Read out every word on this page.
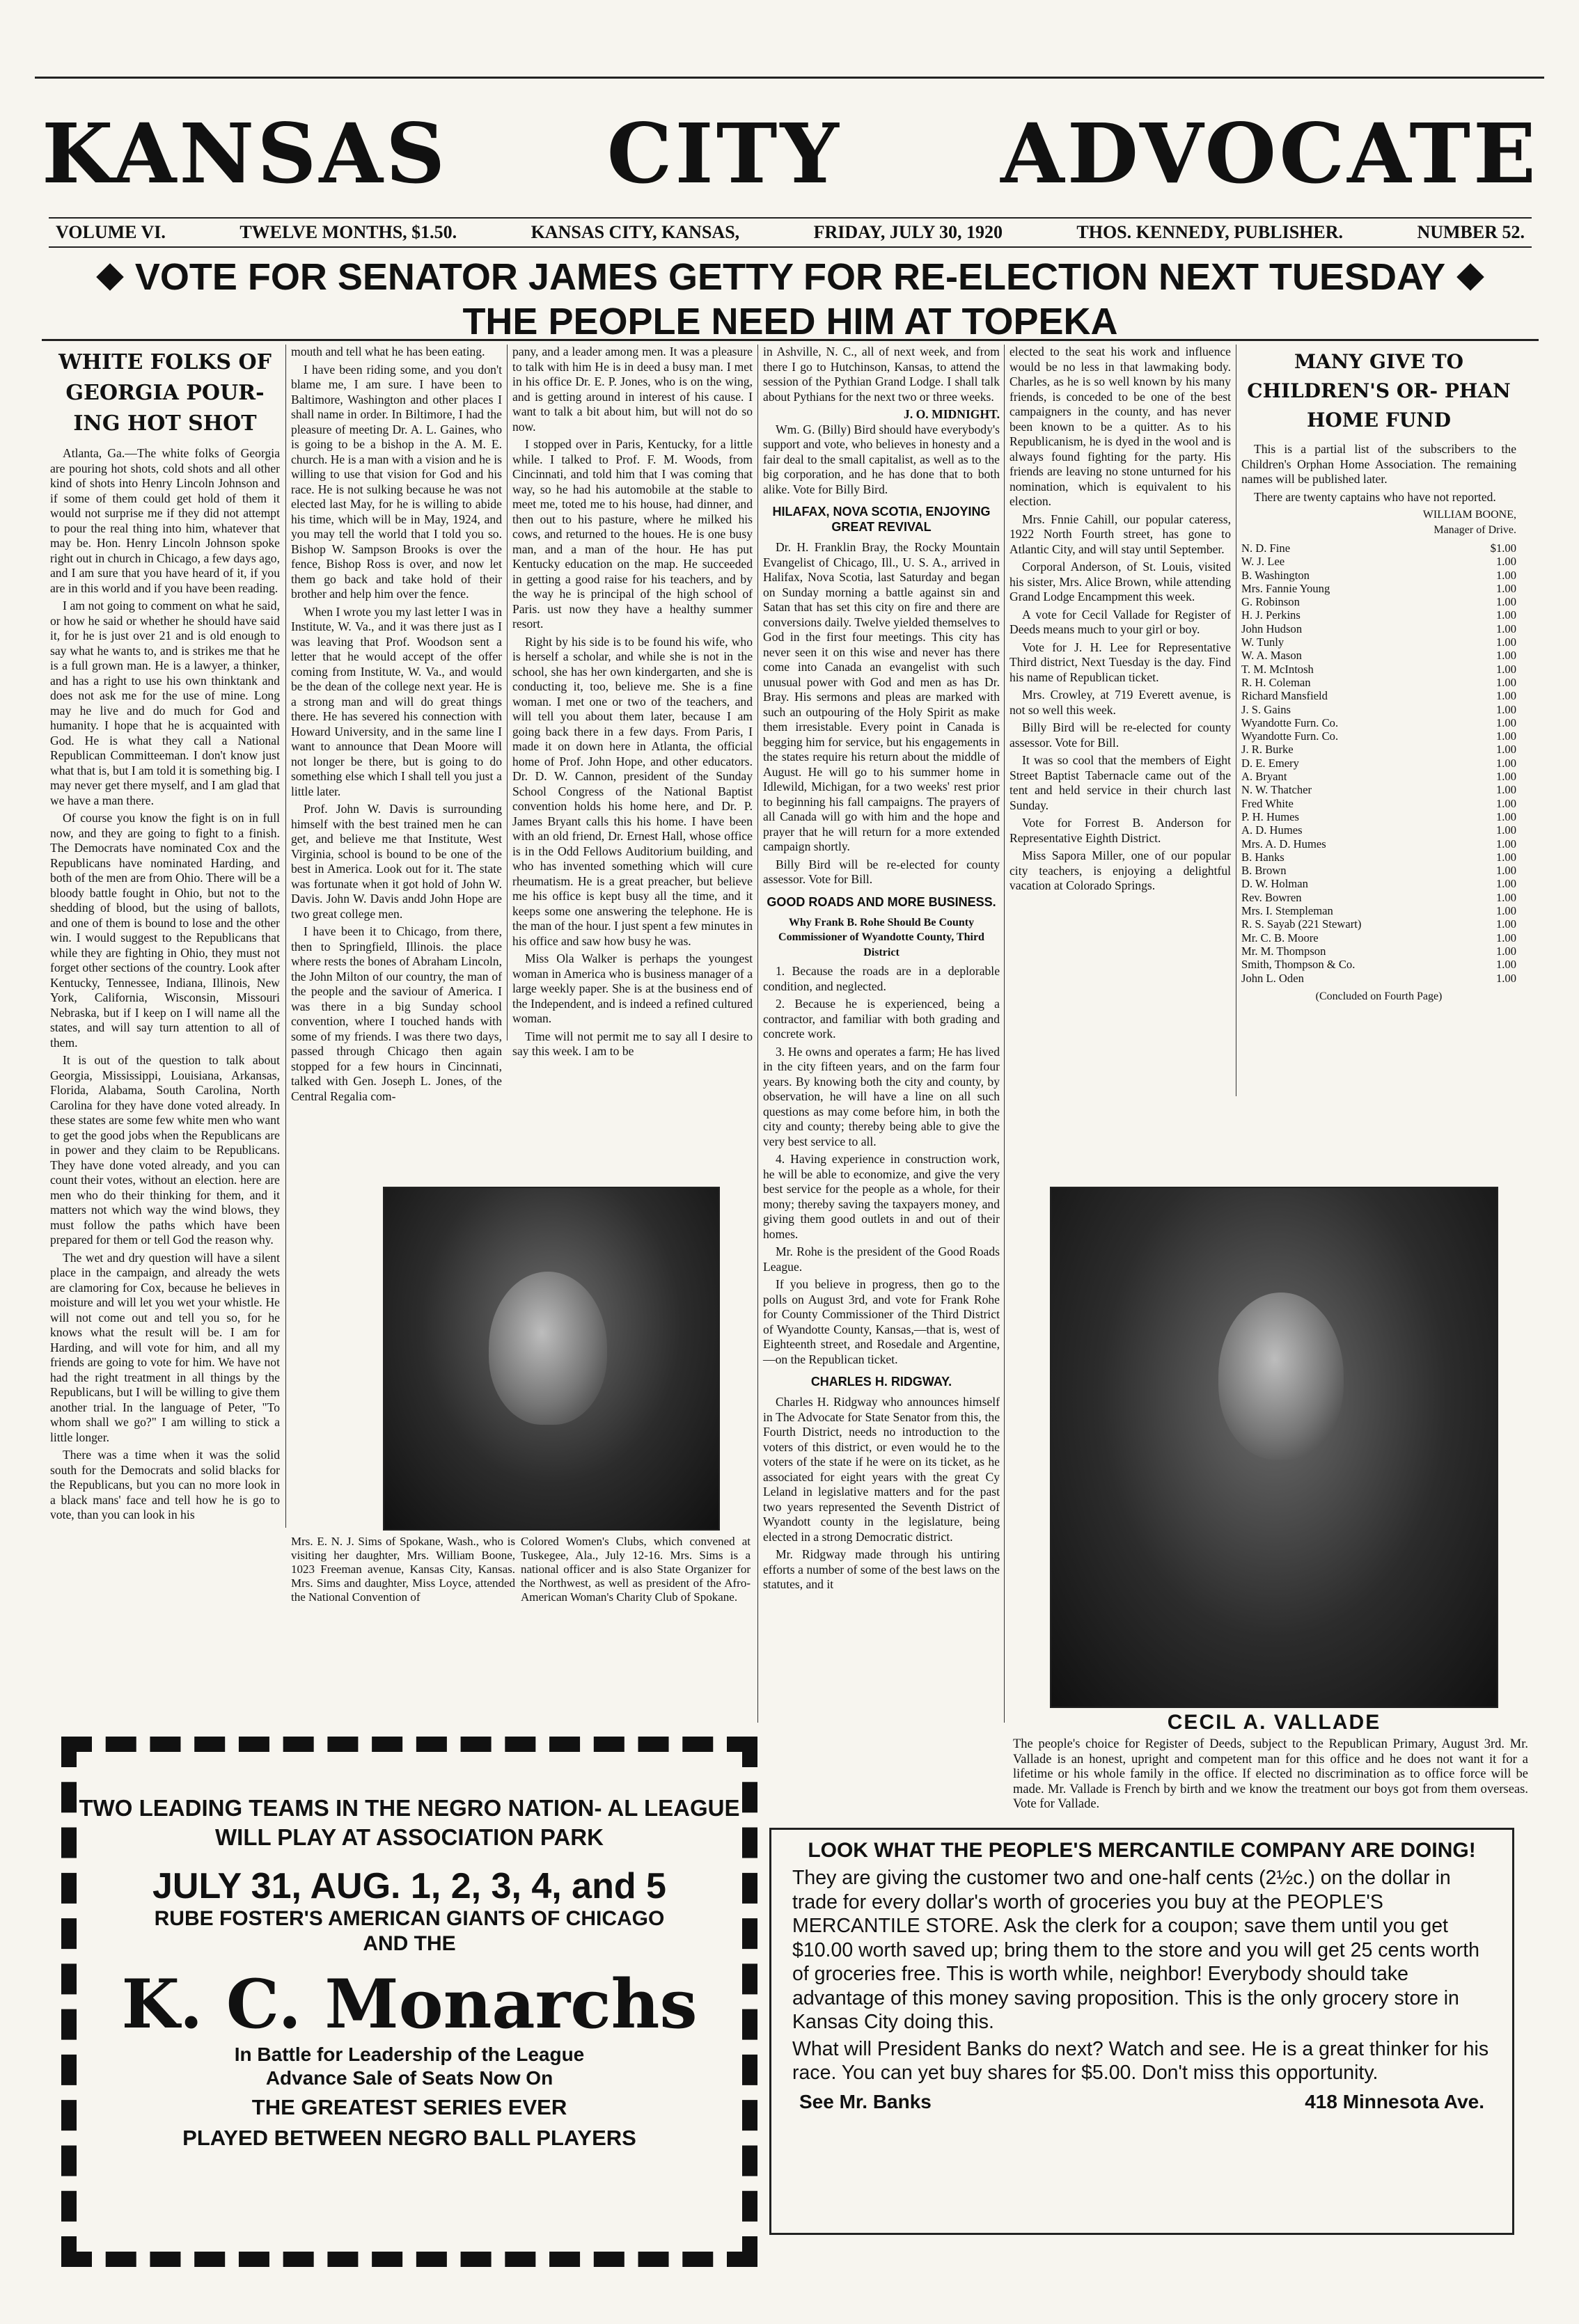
KANSAS CITY ADVOCATE
VOLUME VI.	TWELVE MONTHS, $1.50.	KANSAS CITY, KANSAS,	FRIDAY, JULY 30, 1920	THOS. KENNEDY, PUBLISHER.	NUMBER 52.
VOTE FOR SENATOR JAMES GETTY FOR RE-ELECTION NEXT TUESDAY
THE PEOPLE NEED HIM AT TOPEKA
WHITE FOLKS OF GEORGIA POUR- ING HOT SHOT

Atlanta, Ga.—The white folks of Georgia are pouring hot shots, cold shots and all other kind of shots into Henry Lincoln Johnson and if some of them could get hold of them it would not surprise me if they did not attempt to pour the real thing into him, whatever that may be. Hon. Henry Lincoln Johnson spoke right out in church in Chicago, a few days ago, and I am sure that you have heard of it, if you are in this world and if you have been reading.

I am not going to comment on what he said, or how he said or whether he should have said it, for he is just over 21 and is old enough to say what he wants to, and is strikes me that he is a full grown man. He is a lawyer, a thinker, and has a right to use his own thinktank and does not ask me for the use of mine. Long may he live and do much for God and humanity. I hope that he is acquainted with God. He is what they call a National Republican Committeeman. I don't know just what that is, but I am told it is something big. I may never get there myself, and I am glad that we have a man there.

Of course you know the fight is on in full now, and they are going to fight to a finish. The Democrats have nominated Cox and the Republicans have nominated Harding, and both of the men are from Ohio. There will be a bloody battle fought in Ohio, but not to the shedding of blood, but the using of ballots, and one of them is bound to lose and the other win. I would suggest to the Republicans that while they are fighting in Ohio, they must not forget other sections of the country. Look after Kentucky, Tennessee, Indiana, Illinois, New York, California, Wisconsin, Missouri Nebraska, but if I keep on I will name all the states, and will say turn attention to all of them.

It is out of the question to talk about Georgia, Mississippi, Louisiana, Arkansas, Florida, Alabama, South Carolina, North Carolina for they have done voted already. In these states are some few white men who want to get the good jobs when the Republicans are in power and they claim to be Republicans. They have done voted already, and you can count their votes, without an election. here are men who do their thinking for them, and it matters not which way the wind blows, they must follow the paths which have been prepared for them or tell God the reason why.

The wet and dry question will have a silent place in the campaign, and already the wets are clamoring for Cox, because he believes in moisture and will let you wet your whistle. He will not come out and tell you so, for he knows what the result will be. I am for Harding, and will vote for him, and all my friends are going to vote for him. We have not had the right treatment in all things by the Republicans, but I will be willing to give them another trial. In the language of Peter, "To whom shall we go?" I am willing to stick a little longer.

There was a time when it was the solid south for the Democrats and solid blacks for the Republicans, but you can no more look in a black mans' face and tell how he is go to vote, than you can look in his

mouth and tell what he has been eating.

I have been riding some, and you don't blame me, I am sure. I have been to Baltimore, Washington and other places I shall name in order. In Biltimore, I had the pleasure of meeting Dr. A. L. Gaines, who is going to be a bishop in the A. M. E. church. He is a man with a vision and he is willing to use that vision for God and his race. He is not sulking because he was not elected last May, for he is willing to abide his time, which will be in May, 1924, and you may tell the world that I told you so. Bishop W. Sampson Brooks is over the fence, Bishop Ross is over, and now let them go back and take hold of their brother and help him over the fence.

When I wrote you my last letter I was in Institute, W. Va., and it was there just as I was leaving that Prof. Woodson sent a letter that he would accept of the offer coming from Institute, W. Va., and would be the dean of the college next year. He is a strong man and will do great things there. He has severed his connection with Howard University, and in the same line I want to announce that Dean Moore will not longer be there, but is going to do something else which I shall tell you just a little later.

Prof. John W. Davis is surrounding himself with the best trained men he can get, and believe me that Institute, West Virginia, school is bound to be one of the best in America. Look out for it. The state was fortunate when it got hold of John W. Davis. John W. Davis andd John Hope are two great college men.

I have been it to Chicago, from there, then to Springfield, Illinois. the place where rests the bones of Abraham Lincoln, the John Milton of our country, the man of the people and the saviour of America. I was there in a big Sunday school convention, where I touched hands with some of my friends. I was there two days, passed through Chicago then again stopped for a few hours in Cincinnati, talked with Gen. Joseph L. Jones, of the Central Regalia com-

pany, and a leader among men. It was a pleasure to talk with him He is in deed a busy man. I met in his office Dr. E. P. Jones, who is on the wing, and is getting around in interest of his cause. I want to talk a bit about him, but will not do so now.

I stopped over in Paris, Kentucky, for a little while. I talked to Prof. F. M. Woods, from Cincinnati, and told him that I was coming that way, so he had his automobile at the stable to meet me, toted me to his house, had dinner, and then out to his pasture, where he milked his cows, and returned to the houes. He is one busy man, and a man of the hour. He has put Kentucky education on the map. He succeeded in getting a good raise for his teachers, and by the way he is principal of the high school of Paris. ust now they have a healthy summer resort.

Right by his side is to be found his wife, who is herself a scholar, and while she is not in the school, she has her own kindergarten, and she is conducting it, too, believe me. She is a fine woman. I met one or two of the teachers, and will tell you about them later, because I am going back there in a few days. From Paris, I made it on down here in Atlanta, the official home of Prof. John Hope, and other educators. Dr. D. W. Cannon, president of the Sunday School Congress of the National Baptist convention holds his home here, and Dr. P. James Bryant calls this his home. I have been with an old friend, Dr. Ernest Hall, whose office is in the Odd Fellows Auditorium building, and who has invented something which will cure rheumatism. He is a great preacher, but believe me his office is kept busy all the time, and it keeps some one answering the telephone. He is the man of the hour. I just spent a few minutes in his office and saw how busy he was.

Miss Ola Walker is perhaps the youngest woman in America who is business manager of a large weekly paper. She is at the business end of the Independent, and is indeed a refined cultured woman.

Time will not permit me to say all I desire to say this week. I am to be

Mrs. E. N. J. Sims of Spokane, Wash., who is visiting her daughter, Mrs. William Boone, 1023 Freeman avenue, Kansas City, Kansas. Mrs. Sims and daughter, Miss Loyce, attended the National Convention of
Colored Women's Clubs, which convened at Tuskegee, Ala., July 12-16. Mrs. Sims is a national officer and is also State Organizer for the Northwest, as well as president of the Afro-American Woman's Charity Club of Spokane.

in Ashville, N. C., all of next week, and from there I go to Hutchinson, Kansas, to attend the session of the Pythian Grand Lodge. I shall talk about Pythians for the next two or three weeks.

J. O. MIDNIGHT.

Wm. G. (Billy) Bird should have everybody's support and vote, who believes in honesty and a fair deal to the small capitalist, as well as to the big corporation, and he has done that to both alike. Vote for Billy Bird.

HILAFAX, NOVA SCOTIA, ENJOYING GREAT REVIVAL

Dr. H. Franklin Bray, the Rocky Mountain Evangelist of Chicago, Ill., U. S. A., arrived in Halifax, Nova Scotia, last Saturday and began on Sunday morning a battle against sin and Satan that has set this city on fire and there are conversions daily. Twelve yielded themselves to God in the first four meetings. This city has never seen it on this wise and never has there come into Canada an evangelist with such unusual power with God and men as has Dr. Bray. His sermons and pleas are marked with such an outpouring of the Holy Spirit as make them irresistable. Every point in Canada is begging him for service, but his engagements in the states require his return about the middle of August. He will go to his summer home in Idlewild, Michigan, for a two weeks' rest prior to beginning his fall campaigns. The prayers of all Canada will go with him and the hope and prayer that he will return for a more extended campaign shortly.

Billy Bird will be re-elected for county assessor. Vote for Bill.

GOOD ROADS AND MORE BUSINESS.
Why Frank B. Rohe Should Be County Commissioner of Wyandotte County, Third District

1. Because the roads are in a deplorable condition, and neglected.

2. Because he is experienced, being a contractor, and familiar with both grading and concrete work.

3. He owns and operates a farm; He has lived in the city fifteen years, and on the farm four years. By knowing both the city and county, by observation, he will have a line on all such questions as may come before him, in both the city and county; thereby being able to give the very best service to all.

4. Having experience in construction work, he will be able to economize, and give the very best service for the people as a whole, for their mony; thereby saving the taxpayers money, and giving them good outlets in and out of their homes.

Mr. Rohe is the president of the Good Roads League.

If you believe in progress, then go to the polls on August 3rd, and vote for Frank Rohe for County Commissioner of the Third District of Wyandotte County, Kansas,—that is, west of Eighteenth street, and Rosedale and Argentine,—on the Republican ticket.

CHARLES H. RIDGWAY.

Charles H. Ridgway who announces himself in The Advocate for State Senator from this, the Fourth District, needs no introduction to the voters of this district, or even would he to the voters of the state if he were on its ticket, as he associated for eight years with the great Cy Leland in legislative matters and for the past two years represented the Seventh District of Wyandott county in the legislature, being elected in a strong Democratic district.

Mr. Ridgway made through his untiring efforts a number of some of the best laws on the statutes, and it

elected to the seat his work and influence would be no less in that lawmaking body. Charles, as he is so well known by his many friends, is conceded to be one of the best campaigners in the county, and has never been known to be a quitter. As to his Republicanism, he is dyed in the wool and is always found fighting for the party. His friends are leaving no stone unturned for his nomination, which is equivalent to his election.

Mrs. Fnnie Cahill, our popular cateress, 1922 North Fourth street, has gone to Atlantic City, and will stay until September.

Corporal Anderson, of St. Louis, visited his sister, Mrs. Alice Brown, while attending Grand Lodge Encampment this week.

A vote for Cecil Vallade for Register of Deeds means much to your girl or boy.

Vote for J. H. Lee for Representative Third district, Next Tuesday is the day. Find his name of Republican ticket.

Mrs. Crowley, at 719 Everett avenue, is not so well this week.

Billy Bird will be re-elected for county assessor. Vote for Bill.

It was so cool that the members of Eight Street Baptist Tabernacle came out of the tent and held service in their church last Sunday.

Vote for Forrest B. Anderson for Representative Eighth District.

Miss Sapora Miller, one of our popular city teachers, is enjoying a delightful vacation at Colorado Springs.

MANY GIVE TO CHILDREN'S OR- PHAN HOME FUND

This is a partial list of the subscribers to the Children's Orphan Home Association. The remaining names will be published later.

There are twenty captains who have not reported.

WILLIAM BOONE,
Manager of Drive.
N. D. Fine	$1.00
W. J. Lee	1.00
B. Washington	1.00
Mrs. Fannie Young	1.00
G. Robinson	1.00
H. J. Perkins	1.00
John Hudson	1.00
W. Tunly	1.00
W. A. Mason	1.00
T. M. McIntosh	1.00
R. H. Coleman	1.00
Richard Mansfield	1.00
J. S. Gains	1.00
Wyandotte Furn. Co.	1.00
Wyandotte Furn. Co.	1.00
J. R. Burke	1.00
D. E. Emery	1.00
A. Bryant	1.00
N. W. Thatcher	1.00
Fred White	1.00
P. H. Humes	1.00
A. D. Humes	1.00
Mrs. A. D. Humes	1.00
B. Hanks	1.00
B. Brown	1.00
D. W. Holman	1.00
Rev. Bowren	1.00
Mrs. I. Stempleman	1.00
R. S. Sayab (221 Stewart)	1.00
Mr. C. B. Moore	1.00
Mr. M. Thompson	1.00
Smith, Thompson & Co.	1.00
John L. Oden	1.00
(Concluded on Fourth Page)
CECIL A. VALLADE
The people's choice for Register of Deeds, subject to the Republican Primary, August 3rd. Mr. Vallade is an honest, upright and competent man for this office and he does not want it for a lifetime or his whole family in the office. If elected no discrimination as to office force will be made. Mr. Vallade is French by birth and we know the treatment our boys got from them overseas. Vote for Vallade.
TWO LEADING TEAMS IN THE NEGRO NATION- AL LEAGUE WILL PLAY AT ASSOCIATION PARK
JULY 31, AUG. 1, 2, 3, 4, and 5
RUBE FOSTER'S AMERICAN GIANTS OF CHICAGO
AND THE
K. C. Monarchs
In Battle for Leadership of the League
Advance Sale of Seats Now On
THE GREATEST SERIES EVER
PLAYED BETWEEN NEGRO BALL PLAYERS
LOOK WHAT THE PEOPLE'S MERCANTILE COMPANY ARE DOING!
They are giving the customer two and one-half cents (2½c.) on the dollar in trade for every dollar's worth of groceries you buy at the PEOPLE'S MERCANTILE STORE. Ask the clerk for a coupon; save them until you get $10.00 worth saved up; bring them to the store and you will get 25 cents worth of groceries free. This is worth while, neighbor! Everybody should take advantage of this money saving proposition. This is the only grocery store in Kansas City doing this.
What will President Banks do next? Watch and see. He is a great thinker for his race. You can yet buy shares for $5.00. Don't miss this opportunity.
See Mr. Banks	418 Minnesota Ave.
